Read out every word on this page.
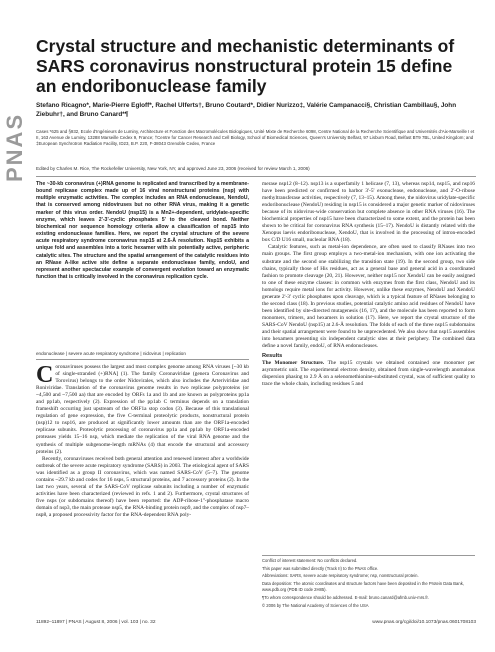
PNAS
Crystal structure and mechanistic determinants of SARS coronavirus nonstructural protein 15 define an endoribonuclease family
Stefano Ricagno*, Marie-Pierre Egloff*, Rachel Ulferts†, Bruno Coutard*, Didier Nurizzo‡, Valérie Campanacci§, Christian Cambillau§, John Ziebuhr†, and Bruno Canard*¶
Cases *625 and §932, Ecole d'Ingénieurs de Luminy, Architecture et Fonction des Macromolécules Biologiques, Unité Mixte de Recherche 6098, Centre National de la Recherche Scientifique and Universités d'Aix-Marseille I et II, 163 Avenue de Luminy, 13288 Marseille Cedex 9, France; †Centre for Cancer Research and Cell Biology, School of Biomedical Sciences, Queen's University Belfast, 97 Lisburn Road, Belfast BT9 7BL, United Kingdom; and ‡European Synchrotron Radiation Facility, ID23, B.P. 220, F-38043 Grenoble Cedex, France
Edited by Charles M. Rice, The Rockefeller University, New York, NY, and approved June 23, 2006 (received for review March 1, 2006)
The ~30-kb coronavirus (+)RNA genome is replicated and transcribed by a membrane-bound replicase complex made up of 16 viral nonstructural proteins (nsp) with multiple enzymatic activities. The complex includes an RNA endonuclease, NendoU, that is conserved among nidoviruses but no other RNA virus, making it a genetic marker of this virus order. NendoU (nsp15) is a Mn2+-dependent, uridylate-specific enzyme, which leaves 2'-3'-cyclic phosphates 5' to the cleaved bond. Neither biochemical nor sequence homology criteria allow a classification of nsp15 into existing endonuclease families. Here, we report the crystal structure of the severe acute respiratory syndrome coronavirus nsp15 at 2.6-Å resolution. Nsp15 exhibits a unique fold and assembles into a toric hexamer with six potentially active, peripheric catalytic sites. The structure and the spatial arrangement of the catalytic residues into an RNase A-like active site define a separate endonuclease family, endoU, and represent another spectacular example of convergent evolution toward an enzymatic function that is critically involved in the coronavirus replication cycle.
endonuclease | severe acute respiratory syndrome | nidovirus | replication

Coronaviruses possess the largest and most complex genome among RNA viruses [~30 kb of single-stranded (+)RNA] (1). The family Coronaviridae (genera Coronavirus and Torovirus) belongs to the order Nidovirales, which also includes the Arteriviridae and Roniviridae. Translation of the coronavirus genome results in two replicase polyproteins (or ~4,500 and ~7,500 aa) that are encoded by ORFs 1a and 1b and are known as polyproteins pp1a and pp1ab, respectively (2). Expression of the pp1ab C terminus depends on a translation frameshift occurring just upstream of the ORF1a stop codon (3). Because of this translational regulation of gene expression, the five C-terminal proteolytic products, nonstructural protein (nsp)12 to nsp16, are produced at significantly lower amounts than are the ORF1a-encoded replicase subunits. Proteolytic processing of coronavirus pp1a and pp1ab by ORF1a-encoded proteases yields 15–16 nsp, which mediate the replication of the viral RNA genome and the synthesis of multiple subgenome-length mRNAs (4) that encode the structural and accessory proteins (2).

Recently, coronaviruses received both general attention and renewed interest after a worldwide outbreak of the severe acute respiratory syndrome (SARS) in 2003. The etiological agent of SARS was identified as a group II coronavirus, which was named SARS-CoV (5–7). The genome contains ~29.7 kb and codes for 16 nsps, 5 structural proteins, and 7 accessory proteins (2). In the last two years, several of the SARS-CoV replicase subunits including a number of enzymatic activities have been characterized (reviewed in refs. 1 and 2). Furthermore, crystal structures of five nsps (or subdomains thereof) have been reported: the ADP-ribose-1''-phosphatase macro domain of nsp3, the main protease nsp5, the RNA-binding protein nsp9, and the complex of nsp7–nsp8, a proposed processivity factor for the RNA-dependent RNA poly-

merase nsp12 (8–12). nsp13 is a superfamily 1 helicase (7, 13), whereas nsp14, nsp15, and nsp16 have been predicted or confirmed to harbor 3'-5' exonuclease, endonuclease, and 2'-O-ribose methyltransferase activities, respectively (7, 13–15). Among these, the nidovirus uridylate-specific endoribonuclease (NendoU) residing in nsp15 is considered a major genetic marker of nidoviruses because of its nidovirus-wide conservation but complete absence in other RNA viruses (16). The biochemical properties of nsp15 have been characterized to some extent, and the protein has been shown to be critical for coronavirus RNA synthesis (15–17). NendoU is distantly related with the Xenopus laevis endoribonuclease, XendoU, that is involved in the processing of intron-encoded box C/D U16 small, nucleolar RNA (18).

Catalytic features, such as metal-ion dependence, are often used to classify RNases into two main groups. The first group employs a two-metal-ion mechanism, with one ion activating the substrate and the second one stabilizing the transition state (19). In the second group, two side chains, typically those of His residues, act as a general base and general acid in a coordinated fashion to promote cleavage (20, 21). However, neither nsp15 nor XendoU can be easily assigned to one of these enzyme classes: in common with enzymes from the first class, NendoU and its homologs require metal ions for activity. However, unlike these enzymes, NendoU and XendoU generate 2'-3' cyclic phosphates upon cleavage, which is a typical feature of RNases belonging to the second class (18). In previous studies, potential catalytic amino acid residues of NendoU have been identified by site-directed mutagenesis (16, 17), and the molecule has been reported to form monomers, trimers, and hexamers in solution (17). Here, we report the crystal structure of the SARS-CoV NendoU (nsp15) at 2.6-Å resolution. The folds of each of the three nsp15 subdomains and their spatial arrangement were found to be unprecedented. We also show that nsp15 assembles into hexamers presenting six independent catalytic sites at their periphery. The combined data define a novel family, endoU, of RNA endonucleases.

Results

The Monomer Structure. The nsp15 crystals we obtained contained one monomer per asymmetric unit. The experimental electron density, obtained from single-wavelength anomalous dispersion phasing to 2.9 Å on a selenomethionine-substituted crystal, was of sufficient quality to trace the whole chain, including residues 5 and

Conflict of interest statement: No conflicts declared.
This paper was submitted directly (Track II) to the PNAS office.
Abbreviations: SARS, severe acute respiratory syndrome; nsp, nonstructural protein.
Data deposition: The atomic coordinates and structure factors have been deposited in the Protein Data Bank, www.pdb.org (PDB ID code 2H85).
¶To whom correspondence should be addressed. E-mail: bruno.canard@afmb.univ-mrs.fr.
© 2006 by The National Academy of Sciences of the USA
11892–11897 | PNAS | August 8, 2006 | vol. 103 | no. 32	www.pnas.org/cgi/doi/10.1073/pnas.0601708103
